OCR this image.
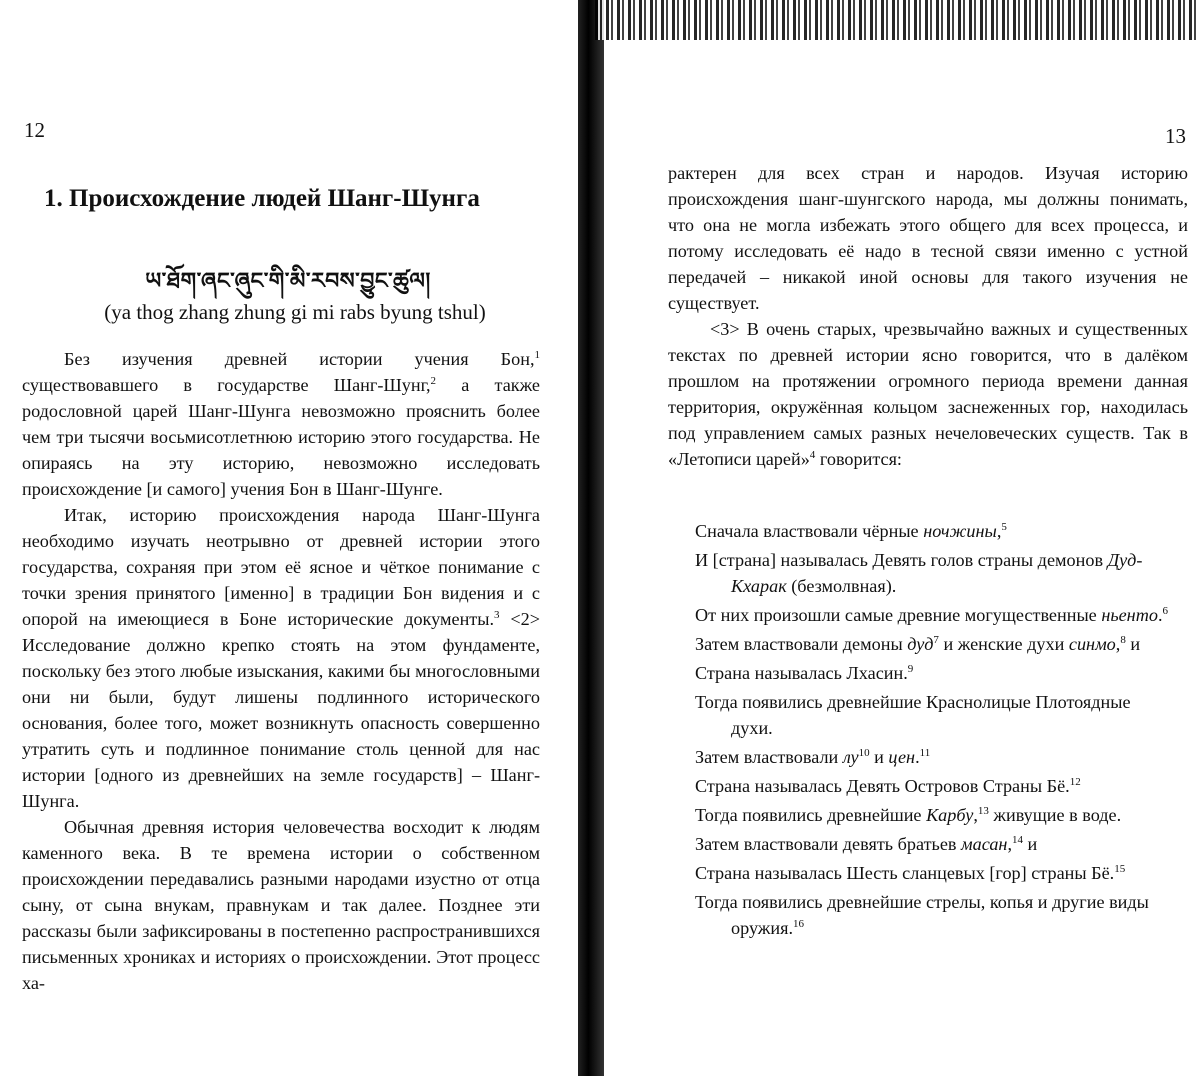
12
1. Происхождение людей Шанг-Шунга
ཡ་ཐོག་ཞང་ཞུང་གི་མི་རབས་བྱུང་ཚུལ།
(ya thog zhang zhung gi mi rabs byung tshul)

Без изучения древней истории учения Бон,$^1$ существовавшего в государстве Шанг-Шунг,$^2$ а также родословной царей Шанг-Шунга невозможно прояснить более чем три тысячи восьмисотлетнюю историю этого государства. Не опираясь на эту историю, невозможно исследовать происхождение [и самого] учения Бон в Шанг-Шунге.

Итак, историю происхождения народа Шанг-Шунга необходимо изучать неотрывно от древней истории этого государства, сохраняя при этом её ясное и чёткое понимание с точки зрения принятого [именно] в традиции Бон видения и с опорой на имеющиеся в Боне исторические документы.$^3$ <2> Исследование должно крепко стоять на этом фундаменте, поскольку без этого любые изыскания, какими бы многословными они ни были, будут лишены подлинного исторического основания, более того, может возникнуть опасность совершенно утратить суть и подлинное понимание столь ценной для нас истории [одного из древнейших на земле государств] – Шанг-Шунга.

Обычная древняя история человечества восходит к людям каменного века. В те времена истории о собственном происхождении передавались разными народами изустно от отца сыну, от сына внукам, правнукам и так далее. Позднее эти рассказы были зафиксированы в постепенно распространившихся письменных хрониках и историях о происхождении. Этот процесс ха-

13

рактерен для всех стран и народов. Изучая историю происхождения шанг-шунгского народа, мы должны понимать, что она не могла избежать этого общего для всех процесса, и потому исследовать её надо в тесной связи именно с устной передачей – никакой иной основы для такого изучения не существует.

<3> В очень старых, чрезвычайно важных и существенных текстах по древней истории ясно говорится, что в далёком прошлом на протяжении огромного периода времени данная территория, окружённая кольцом заснеженных гор, находилась под управлением самых разных нечеловеческих существ. Так в «Летописи царей»$^4$ говорится:

Сначала властвовали чёрные ночжины,$^5$

И [страна] называлась Девять голов страны демонов Дуд-Кхарак (безмолвная).

От них произошли самые древние могущественные ньенто.$^6$

Затем властвовали демоны дуд$^7$ и женские духи синмо,$^8$ и

Страна называлась Лхасин.$^9$

Тогда появились древнейшие Краснолицые Плотоядные духи.

Затем властвовали $лу^{10}$ и цен.$^{11}$

Страна называлась Девять Островов Страны Бё.$^{12}$

Тогда появились древнейшие Карбу,$^{13}$ живущие в воде.

Затем властвовали девять братьев масан,$^{14}$ и

Страна называлась Шесть сланцевых [гор] страны Бё.$^{15}$

Тогда появились древнейшие стрелы, копья и другие виды оружия.$^{16}$
